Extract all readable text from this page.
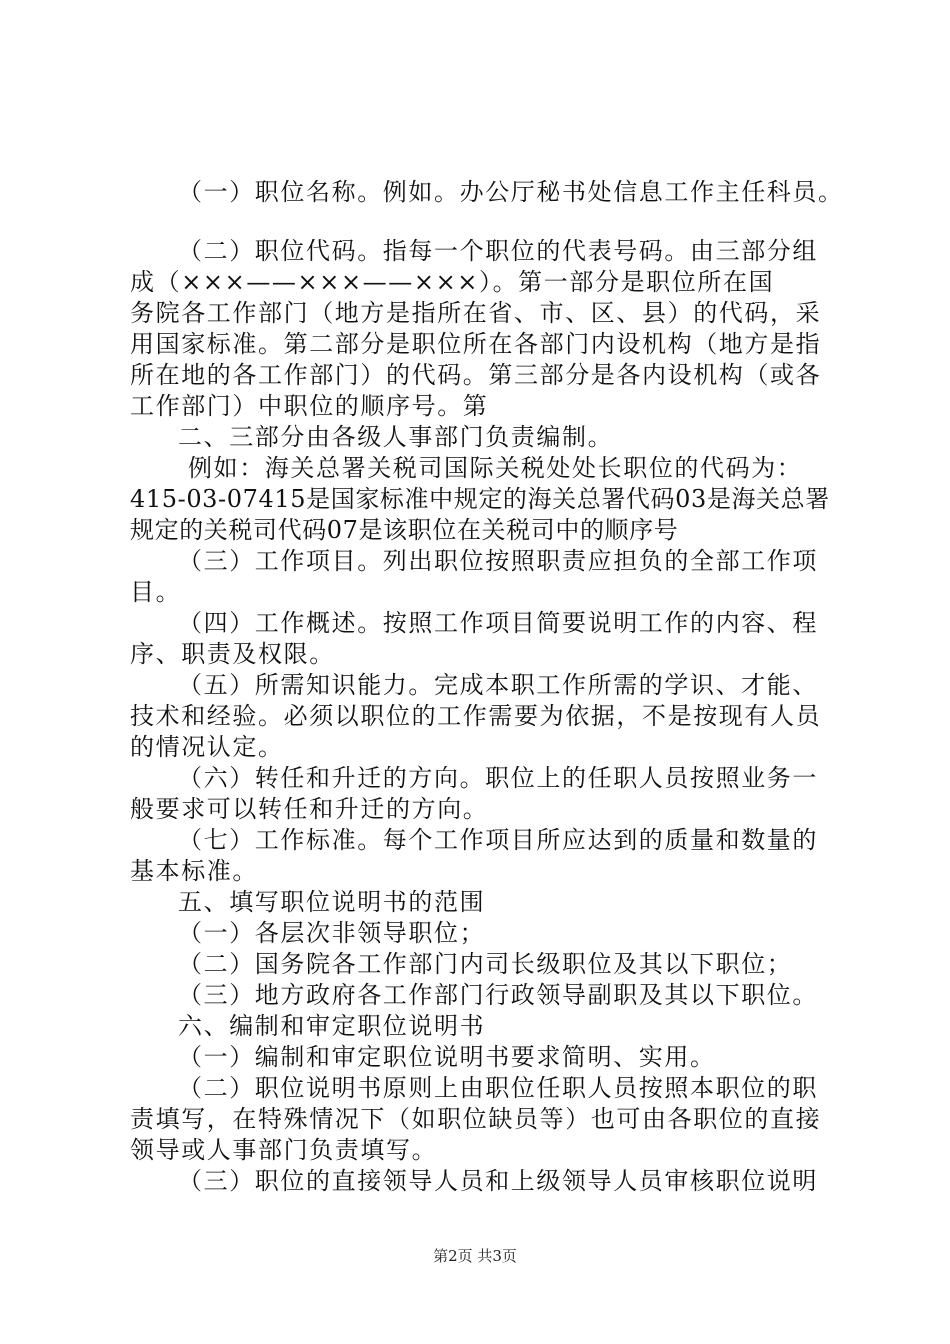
（一）职位名称。例如。办公厅秘书处信息工作主任科员。
（二）职位代码。指每一个职位的代表号码。由三部分组
成（×××——×××——×××）。第一部分是职位所在国
务院各工作部门（地方是指所在省、市、区、县）的代码，采
用国家标准。第二部分是职位所在各部门内设机构（地方是指
所在地的各工作部门）的代码。第三部分是各内设机构（或各
工作部门）中职位的顺序号。第
二、三部分由各级人事部门负责编制。
例如：海关总署关税司国际关税处处长职位的代码为：
415-03-07415是国家标准中规定的海关总署代码03是海关总署
规定的关税司代码07是该职位在关税司中的顺序号
（三）工作项目。列出职位按照职责应担负的全部工作项
目。
（四）工作概述。按照工作项目简要说明工作的内容、程
序、职责及权限。
（五）所需知识能力。完成本职工作所需的学识、才能、
技术和经验。必须以职位的工作需要为依据，不是按现有人员
的情况认定。
（六）转任和升迁的方向。职位上的任职人员按照业务一
般要求可以转任和升迁的方向。
（七）工作标准。每个工作项目所应达到的质量和数量的
基本标准。
五、填写职位说明书的范围
（一）各层次非领导职位；
（二）国务院各工作部门内司长级职位及其以下职位；
（三）地方政府各工作部门行政领导副职及其以下职位。
六、编制和审定职位说明书
（一）编制和审定职位说明书要求简明、实用。
（二）职位说明书原则上由职位任职人员按照本职位的职
责填写，在特殊情况下（如职位缺员等）也可由各职位的直接
领导或人事部门负责填写。
（三）职位的直接领导人员和上级领导人员审核职位说明
第2页 共3页
